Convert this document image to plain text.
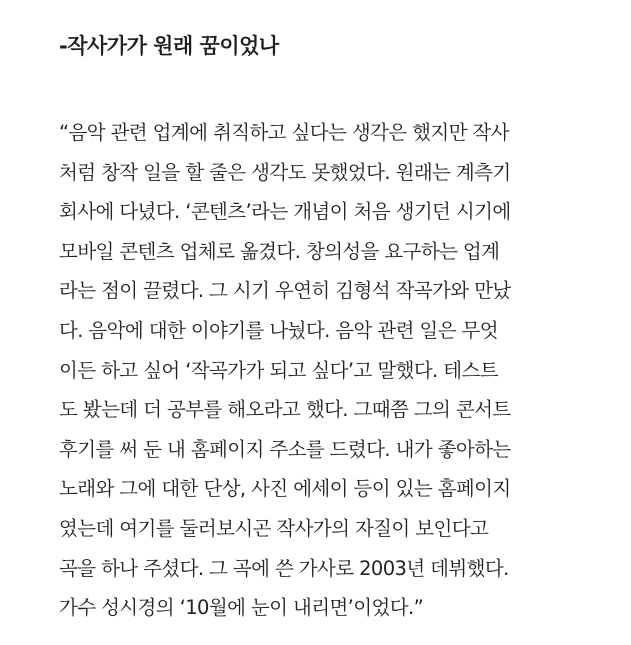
-작사가가 원래 꿈이었나
“음악 관련 업계에 취직하고 싶다는 생각은 했지만 작사
처럼 창작 일을 할 줄은 생각도 못했었다. 원래는 계측기
회사에 다녔다. ‘콘텐츠’라는 개념이 처음 생기던 시기에
모바일 콘텐츠 업체로 옮겼다. 창의성을 요구하는 업계
라는 점이 끌렸다. 그 시기 우연히 김형석 작곡가와 만났
다. 음악에 대한 이야기를 나눴다. 음악 관련 일은 무엇
이든 하고 싶어 ‘작곡가가 되고 싶다’고 말했다. 테스트
도 봤는데 더 공부를 해오라고 했다. 그때쯤 그의 콘서트
후기를 써 둔 내 홈페이지 주소를 드렸다. 내가 좋아하는
노래와 그에 대한 단상, 사진 에세이 등이 있는 홈페이지
였는데 여기를 둘러보시곤 작사가의 자질이 보인다고
곡을 하나 주셨다. 그 곡에 쓴 가사로 2003년 데뷔했다.
가수 성시경의 ‘10월에 눈이 내리면’이었다.”
